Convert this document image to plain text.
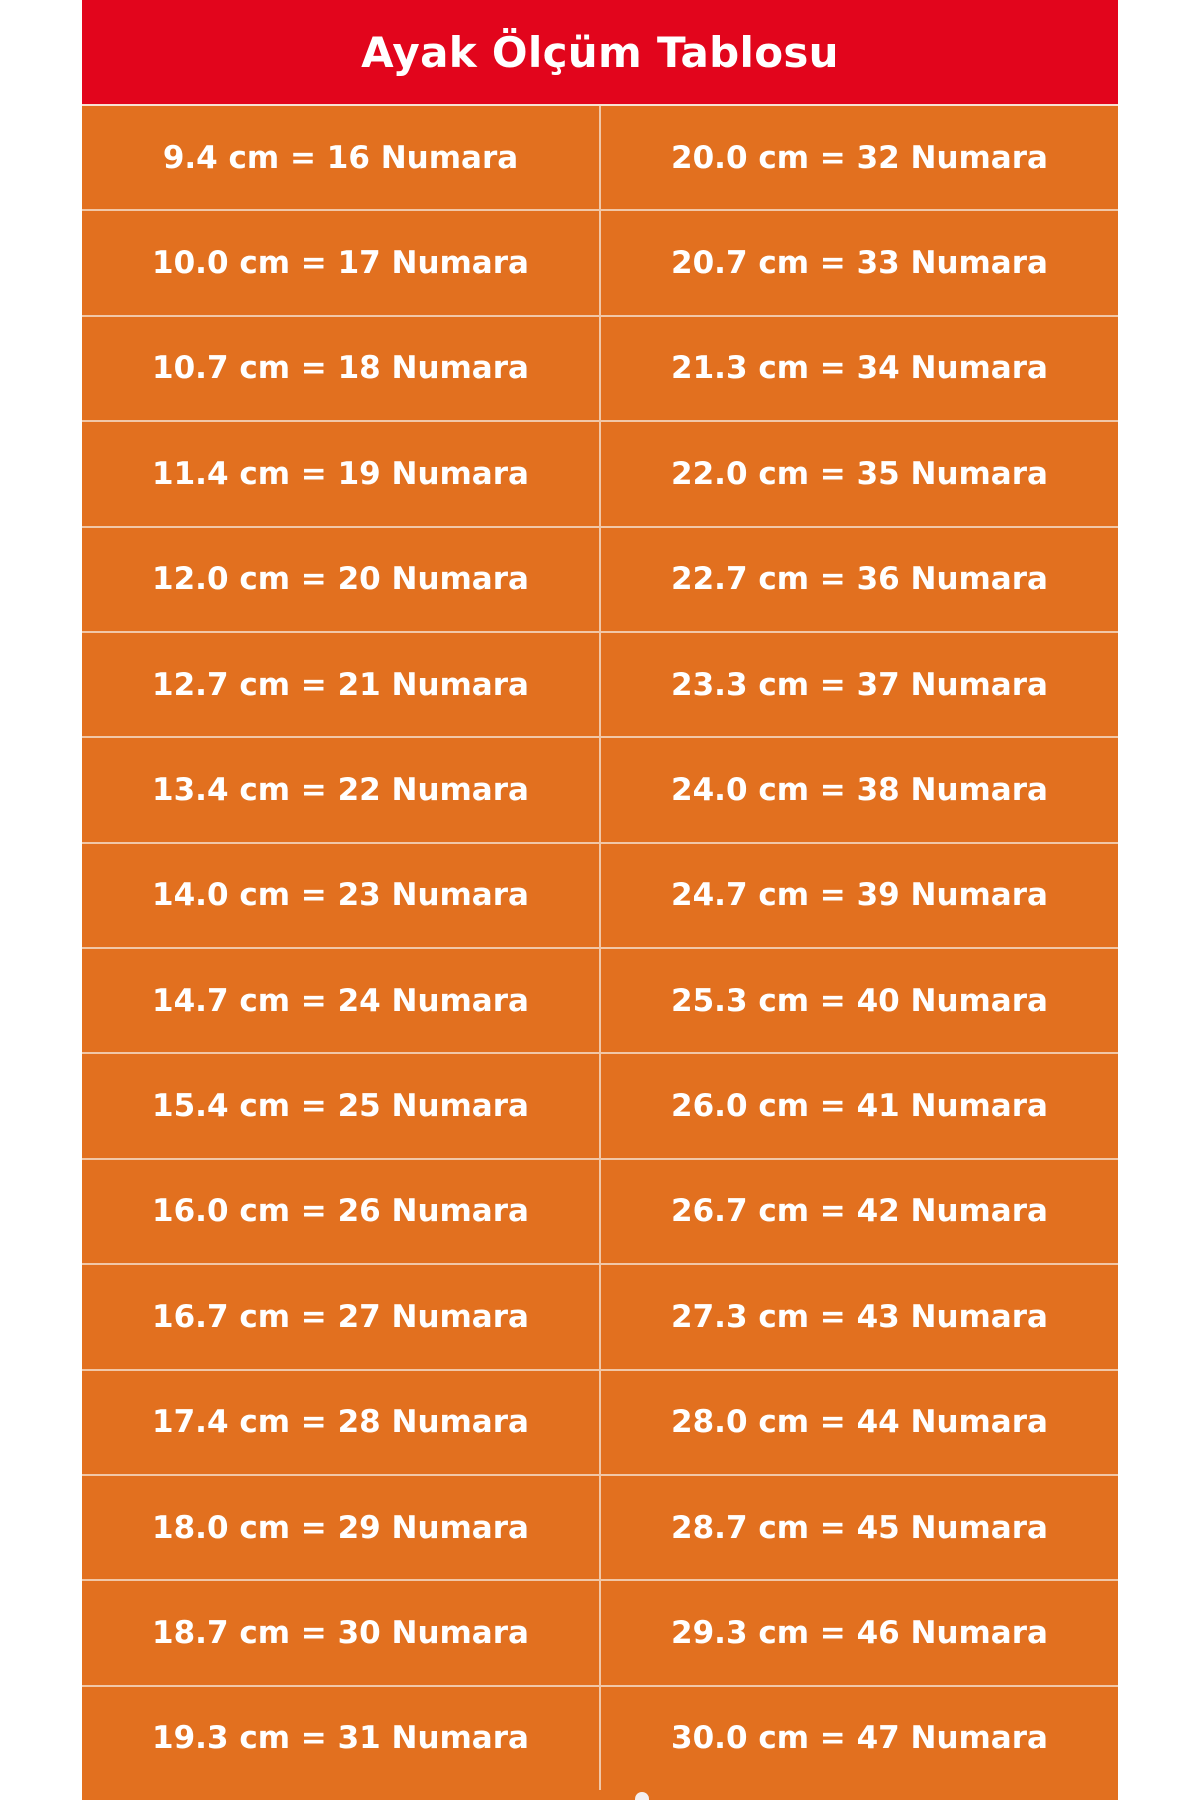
Ayak Ölçüm Tablosu
9.4 cm = 16 Numara	20.0 cm = 32 Numara
10.0 cm = 17 Numara	20.7 cm = 33 Numara
10.7 cm = 18 Numara	21.3 cm = 34 Numara
11.4 cm = 19 Numara	22.0 cm = 35 Numara
12.0 cm = 20 Numara	22.7 cm = 36 Numara
12.7 cm = 21 Numara	23.3 cm = 37 Numara
13.4 cm = 22 Numara	24.0 cm = 38 Numara
14.0 cm = 23 Numara	24.7 cm = 39 Numara
14.7 cm = 24 Numara	25.3 cm = 40 Numara
15.4 cm = 25 Numara	26.0 cm = 41 Numara
16.0 cm = 26 Numara	26.7 cm = 42 Numara
16.7 cm = 27 Numara	27.3 cm = 43 Numara
17.4 cm = 28 Numara	28.0 cm = 44 Numara
18.0 cm = 29 Numara	28.7 cm = 45 Numara
18.7 cm = 30 Numara	29.3 cm = 46 Numara
19.3 cm = 31 Numara	30.0 cm = 47 Numara
